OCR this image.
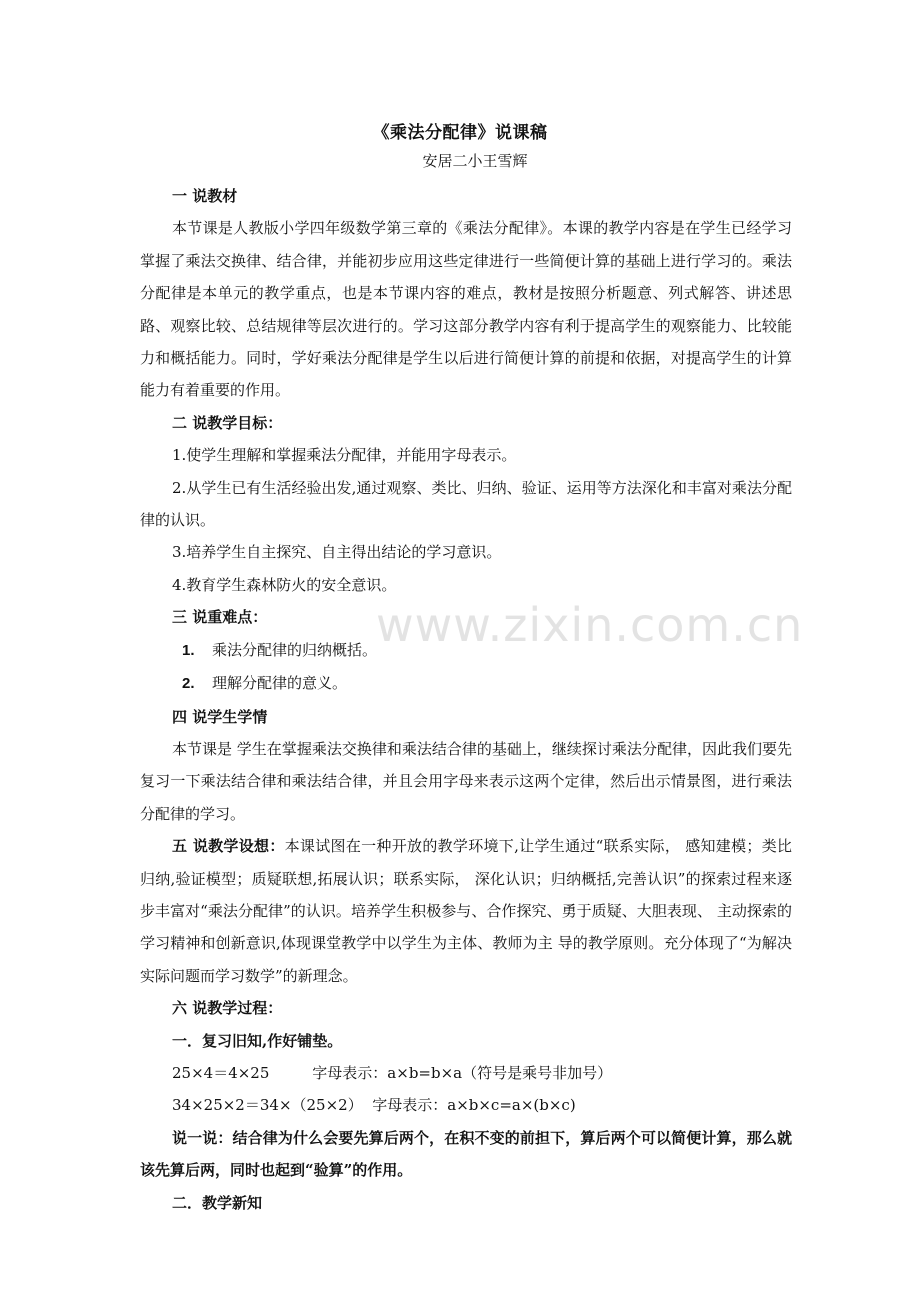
www.zixin.com.cn
《乘法分配律》说课稿
安居二小王雪辉
一 说教材
本节课是人教版小学四年级数学第三章的《乘法分配律》。本课的教学内容是在学生已经学习掌握了乘法交换律、结合律，并能初步应用这些定律进行一些简便计算的基础上进行学习的。乘法分配律是本单元的教学重点，也是本节课内容的难点，教材是按照分析题意、列式解答、讲述思路、观察比较、总结规律等层次进行的。学习这部分教学内容有利于提高学生的观察能力、比较能力和概括能力。同时，学好乘法分配律是学生以后进行简便计算的前提和依据，对提高学生的计算能力有着重要的作用。
二 说教学目标：
1.使学生理解和掌握乘法分配律，并能用字母表示。
2.从学生已有生活经验出发,通过观察、类比、归纳、验证、运用等方法深化和丰富对乘法分配律的认识。
3.培养学生自主探究、自主得出结论的学习意识。
4.教育学生森林防火的安全意识。
三 说重难点：
1. 乘法分配律的归纳概括。
2. 理解分配律的意义。
四 说学生学情
本节课是 学生在掌握乘法交换律和乘法结合律的基础上，继续探讨乘法分配律，因此我们要先复习一下乘法结合律和乘法结合律，并且会用字母来表示这两个定律，然后出示情景图，进行乘法分配律的学习。
五 说教学设想：本课试图在一种开放的教学环境下,让学生通过“联系实际， 感知建模；类比归纳,验证模型；质疑联想,拓展认识；联系实际， 深化认识；归纳概括,完善认识”的探索过程来逐步丰富对“乘法分配律”的认识。培养学生积极参与、合作探究、勇于质疑、大胆表现、 主动探索的学习精神和创新意识,体现课堂教学中以学生为主体、教师为主 导的教学原则。充分体现了“为解决实际问题而学习数学”的新理念。
六 说教学过程：
一．复习旧知,作好铺垫。
25×4＝4×25         字母表示：a×b=b×a（符号是乘号非加号）
34×25×2＝34×（25×2）  字母表示：a×b×c=a×(b×c)
说一说：结合律为什么会要先算后两个，在积不变的前担下，算后两个可以简便计算，那么就该先算后两，同时也起到“验算”的作用。
二．教学新知
